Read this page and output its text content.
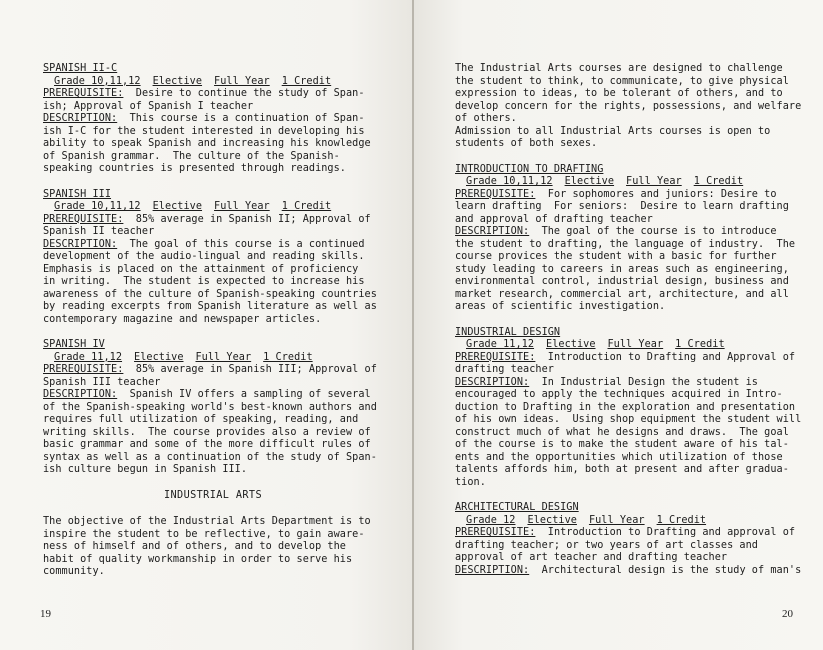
SPANISH II-C
Grade 10,11,12 Elective Full Year 1 Credit
PREREQUISITE:  Desire to continue the study of Span-
ish; Approval of Spanish I teacher
DESCRIPTION:  This course is a continuation of Span-
ish I-C for the student interested in developing his
ability to speak Spanish and increasing his knowledge
of Spanish grammar.  The culture of the Spanish-
speaking countries is presented through readings.
SPANISH III
Grade 10,11,12 Elective Full Year 1 Credit
PREREQUISITE:  85% average in Spanish II; Approval of
Spanish II teacher
DESCRIPTION:  The goal of this course is a continued
development of the audio-lingual and reading skills.
Emphasis is placed on the attainment of proficiency
in writing.  The student is expected to increase his
awareness of the culture of Spanish-speaking countries
by reading excerpts from Spanish literature as well as
contemporary magazine and newspaper articles.
SPANISH IV
Grade 11,12 Elective Full Year 1 Credit
PREREQUISITE:  85% average in Spanish III; Approval of
Spanish III teacher
DESCRIPTION:  Spanish IV offers a sampling of several
of the Spanish-speaking world's best-known authors and
requires full utilization of speaking, reading, and
writing skills.  The course provides also a review of
basic grammar and some of the more difficult rules of
syntax as well as a continuation of the study of Span-
ish culture begun in Spanish III.
INDUSTRIAL ARTS
The objective of the Industrial Arts Department is to
inspire the student to be reflective, to gain aware-
ness of himself and of others, and to develop the
habit of quality workmanship in order to serve his
community.
19
The Industrial Arts courses are designed to challenge
the student to think, to communicate, to give physical
expression to ideas, to be tolerant of others, and to
develop concern for the rights, possessions, and welfare
of others.
Admission to all Industrial Arts courses is open to
students of both sexes.
INTRODUCTION TO DRAFTING
Grade 10,11,12 Elective Full Year 1 Credit
PREREQUISITE:  For sophomores and juniors: Desire to
learn drafting  For seniors:  Desire to learn drafting
and approval of drafting teacher
DESCRIPTION:  The goal of the course is to introduce
the student to drafting, the language of industry.  The
course provices the student with a basic for further
study leading to careers in areas such as engineering,
environmental control, industrial design, business and
market research, commercial art, architecture, and all
areas of scientific investigation.
INDUSTRIAL DESIGN
Grade 11,12 Elective Full Year 1 Credit
PREREQUISITE:  Introduction to Drafting and Approval of
drafting teacher
DESCRIPTION:  In Industrial Design the student is
encouraged to apply the techniques acquired in Intro-
duction to Drafting in the exploration and presentation
of his own ideas.  Using shop equipment the student will
construct much of what he designs and draws.  The goal
of the course is to make the student aware of his tal-
ents and the opportunities which utilization of those
talents affords him, both at present and after gradua-
tion.
ARCHITECTURAL DESIGN
Grade 12 Elective Full Year 1 Credit
PREREQUISITE:  Introduction to Drafting and approval of
drafting teacher; or two years of art classes and
approval of art teacher and drafting teacher
DESCRIPTION:  Architectural design is the study of man's
20
